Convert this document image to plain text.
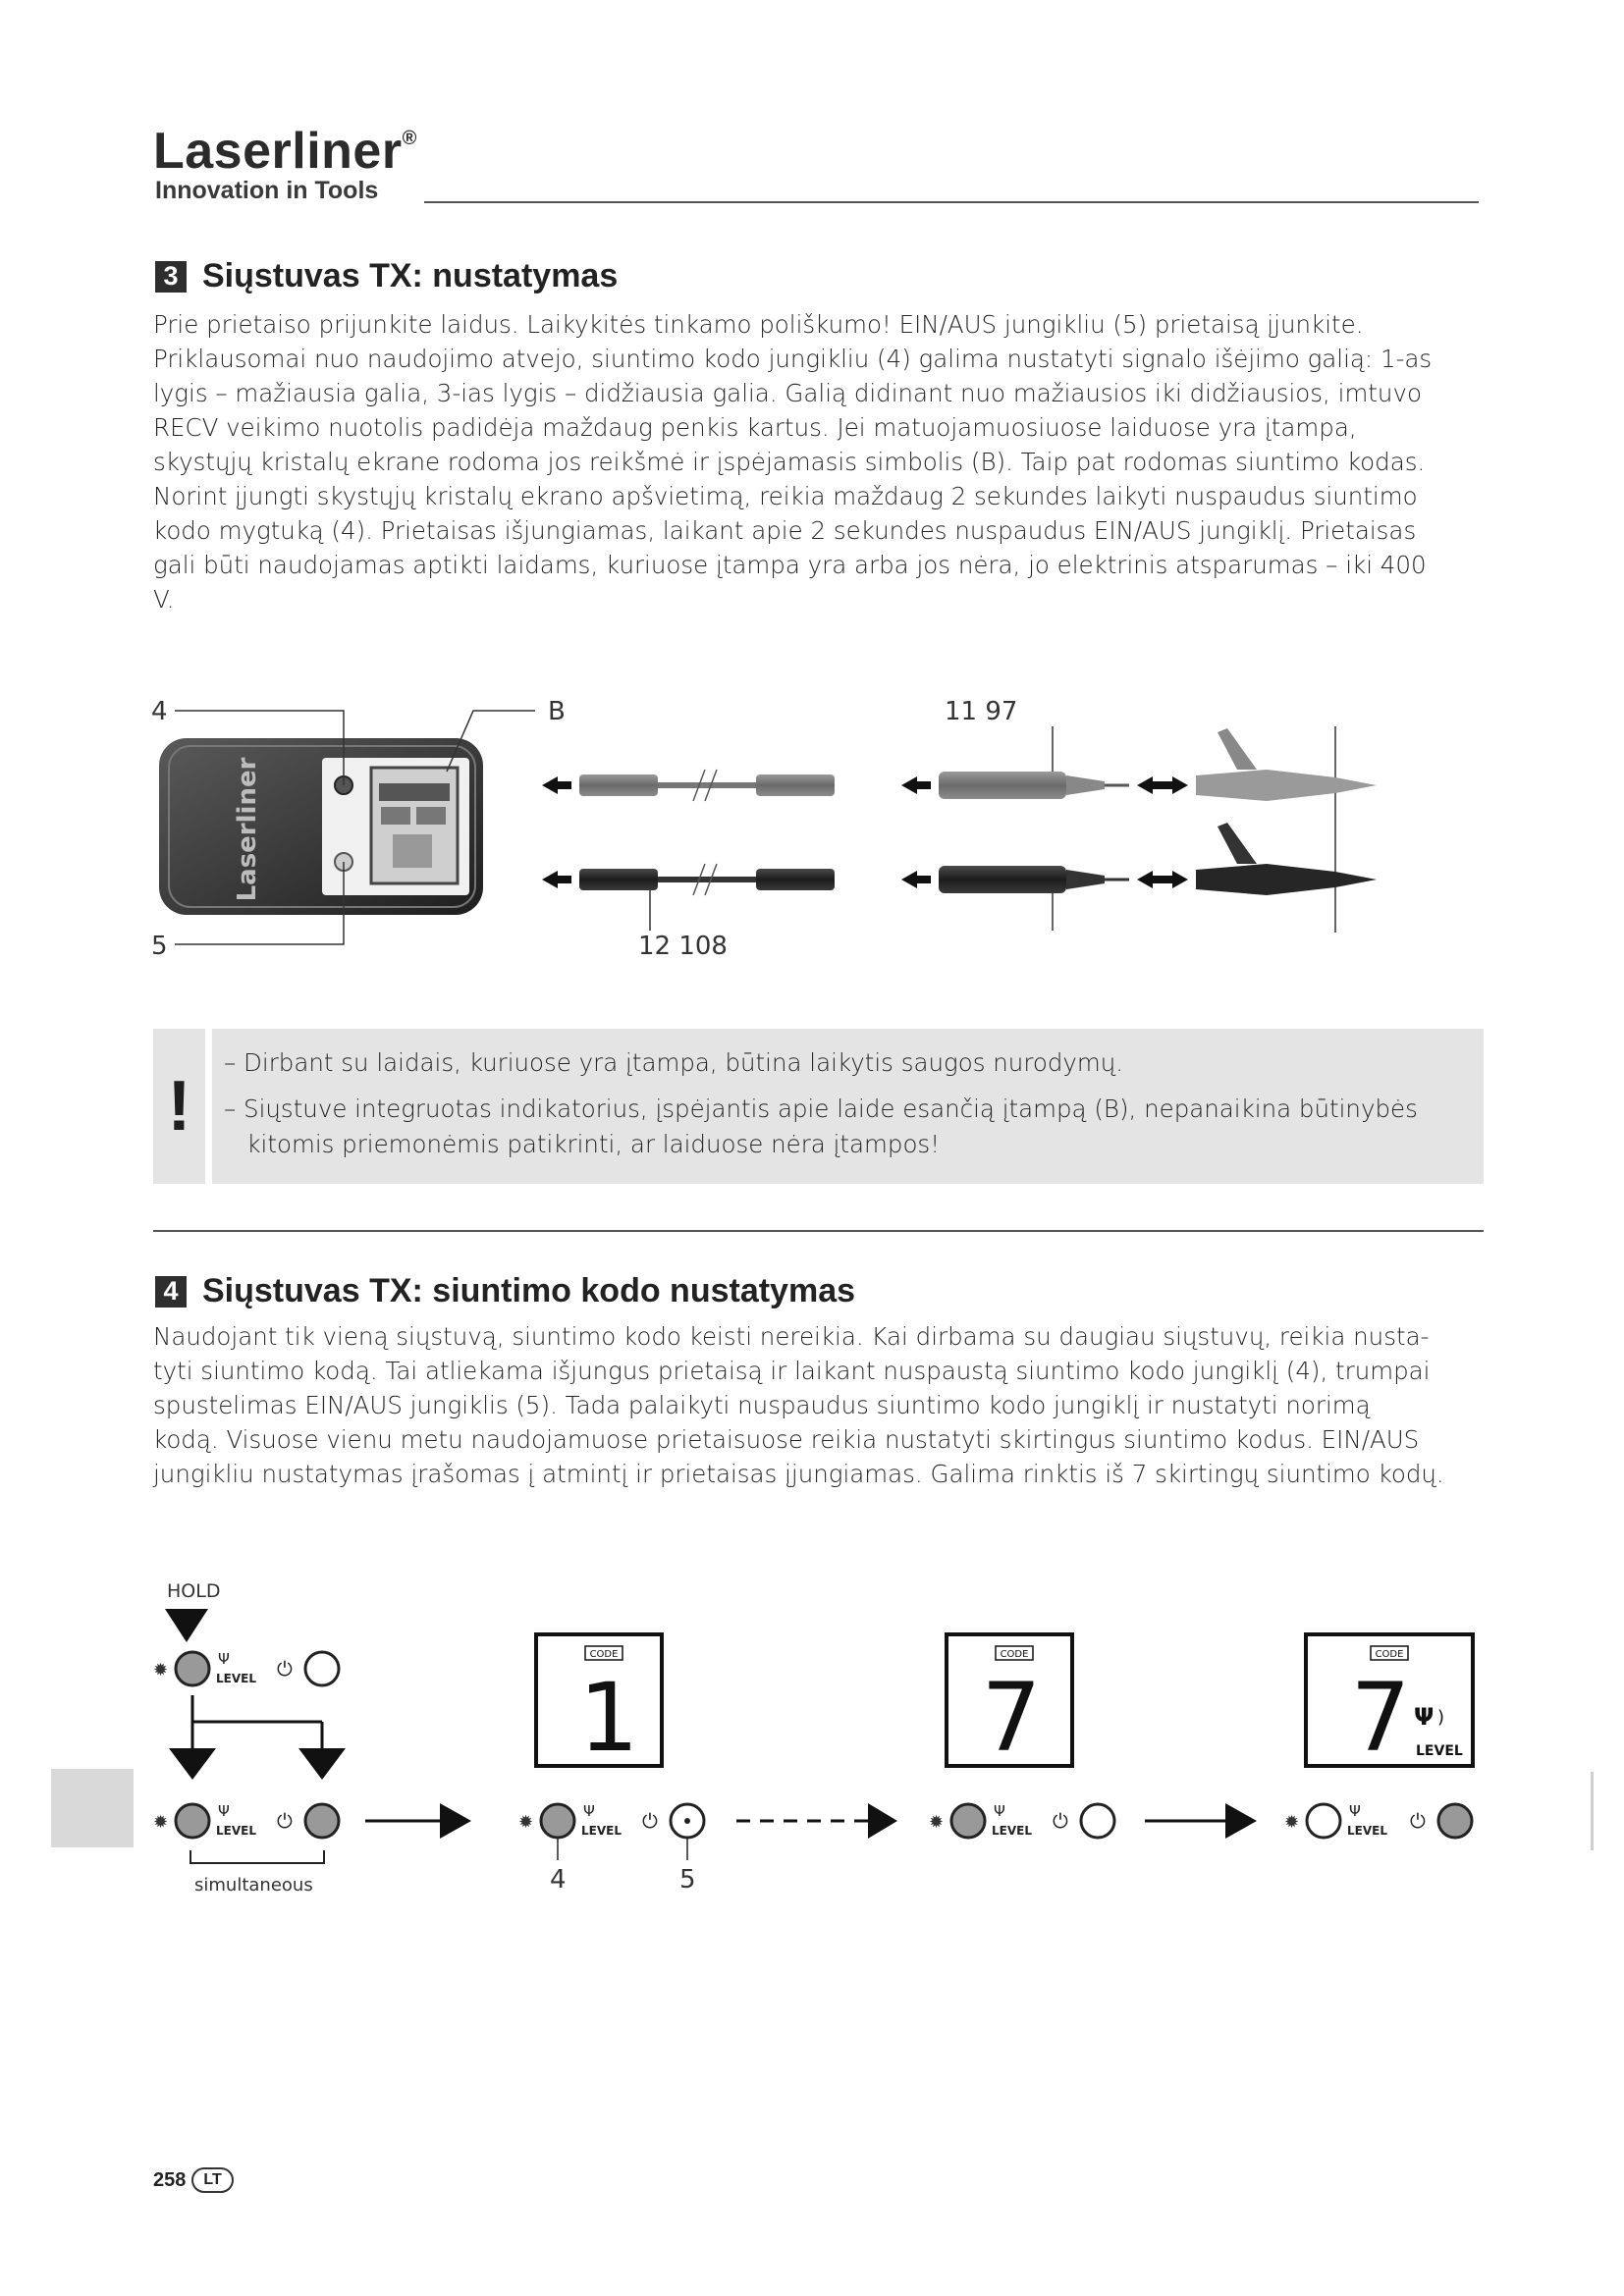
Laserliner®
Innovation in Tools
3 Siųstuvas TX: nustatymas
Prie prietaiso prijunkite laidus. Laikykitės tinkamo poliškumo! EIN/AUS jungikliu (5) prietaisą įjunkite.
Priklausomai nuo naudojimo atvejo, siuntimo kodo jungikliu (4) galima nustatyti signalo išėjimo galią: 1-as
lygis – mažiausia galia, 3-ias lygis – didžiausia galia. Galią didinant nuo mažiausios iki didžiausios, imtuvo
RECV veikimo nuotolis padidėja maždaug penkis kartus. Jei matuojamuosiuose laiduose yra įtampa,
skystųjų kristalų ekrane rodoma jos reikšmė ir įspėjamasis simbolis (B). Taip pat rodomas siuntimo kodas.
Norint įjungti skystųjų kristalų ekrano apšvietimą, reikia maždaug 2 sekundes laikyti nuspaudus siuntimo
kodo mygtuką (4). Prietaisas išjungiamas, laikant apie 2 sekundes nuspaudus EIN/AUS jungiklį. Prietaisas
gali būti naudojamas aptikti laidams, kuriuose įtampa yra arba jos nėra, jo elektrinis atsparumas – iki 400
V.
Laserliner
4	B	11 97
5	12 108
!
– Dirbant su laidais, kuriuose yra įtampa, būtina laikytis saugos nurodymų.
– Siųstuve integruotas indikatorius, įspėjantis apie laide esančią įtampą (B), nepanaikina būtinybės
kitomis priemonėmis patikrinti, ar laiduose nėra įtampos!
4 Siųstuvas TX: siuntimo kodo nustatymas
Naudojant tik vieną siųstuvą, siuntimo kodo keisti nereikia. Kai dirbama su daugiau siųstuvų, reikia nusta-
tyti siuntimo kodą. Tai atliekama išjungus prietaisą ir laikant nuspaustą siuntimo kodo jungiklį (4), trumpai
spustelimas EIN/AUS jungiklis (5). Tada palaikyti nuspaudus siuntimo kodo jungiklį ir nustatyti norimą
kodą. Visuose vienu metu naudojamuose prietaisuose reikia nustatyti skirtingus siuntimo kodus. EIN/AUS
jungikliu nustatymas įrašomas į atmintį ir prietaisas įjungiamas. Galima rinktis iš 7 skirtingų siuntimo kodų.
HOLD
✹
Ψ
LEVEL ⏻
✹
Ψ
LEVEL ⏻
simultaneous
CODE
1
✹
Ψ
LEVEL ⏻
4	5
CODE
7
✹
Ψ
LEVEL ⏻
CODE
7 Ψ )
LEVEL
✹
Ψ
LEVEL ⏻
258	LT
